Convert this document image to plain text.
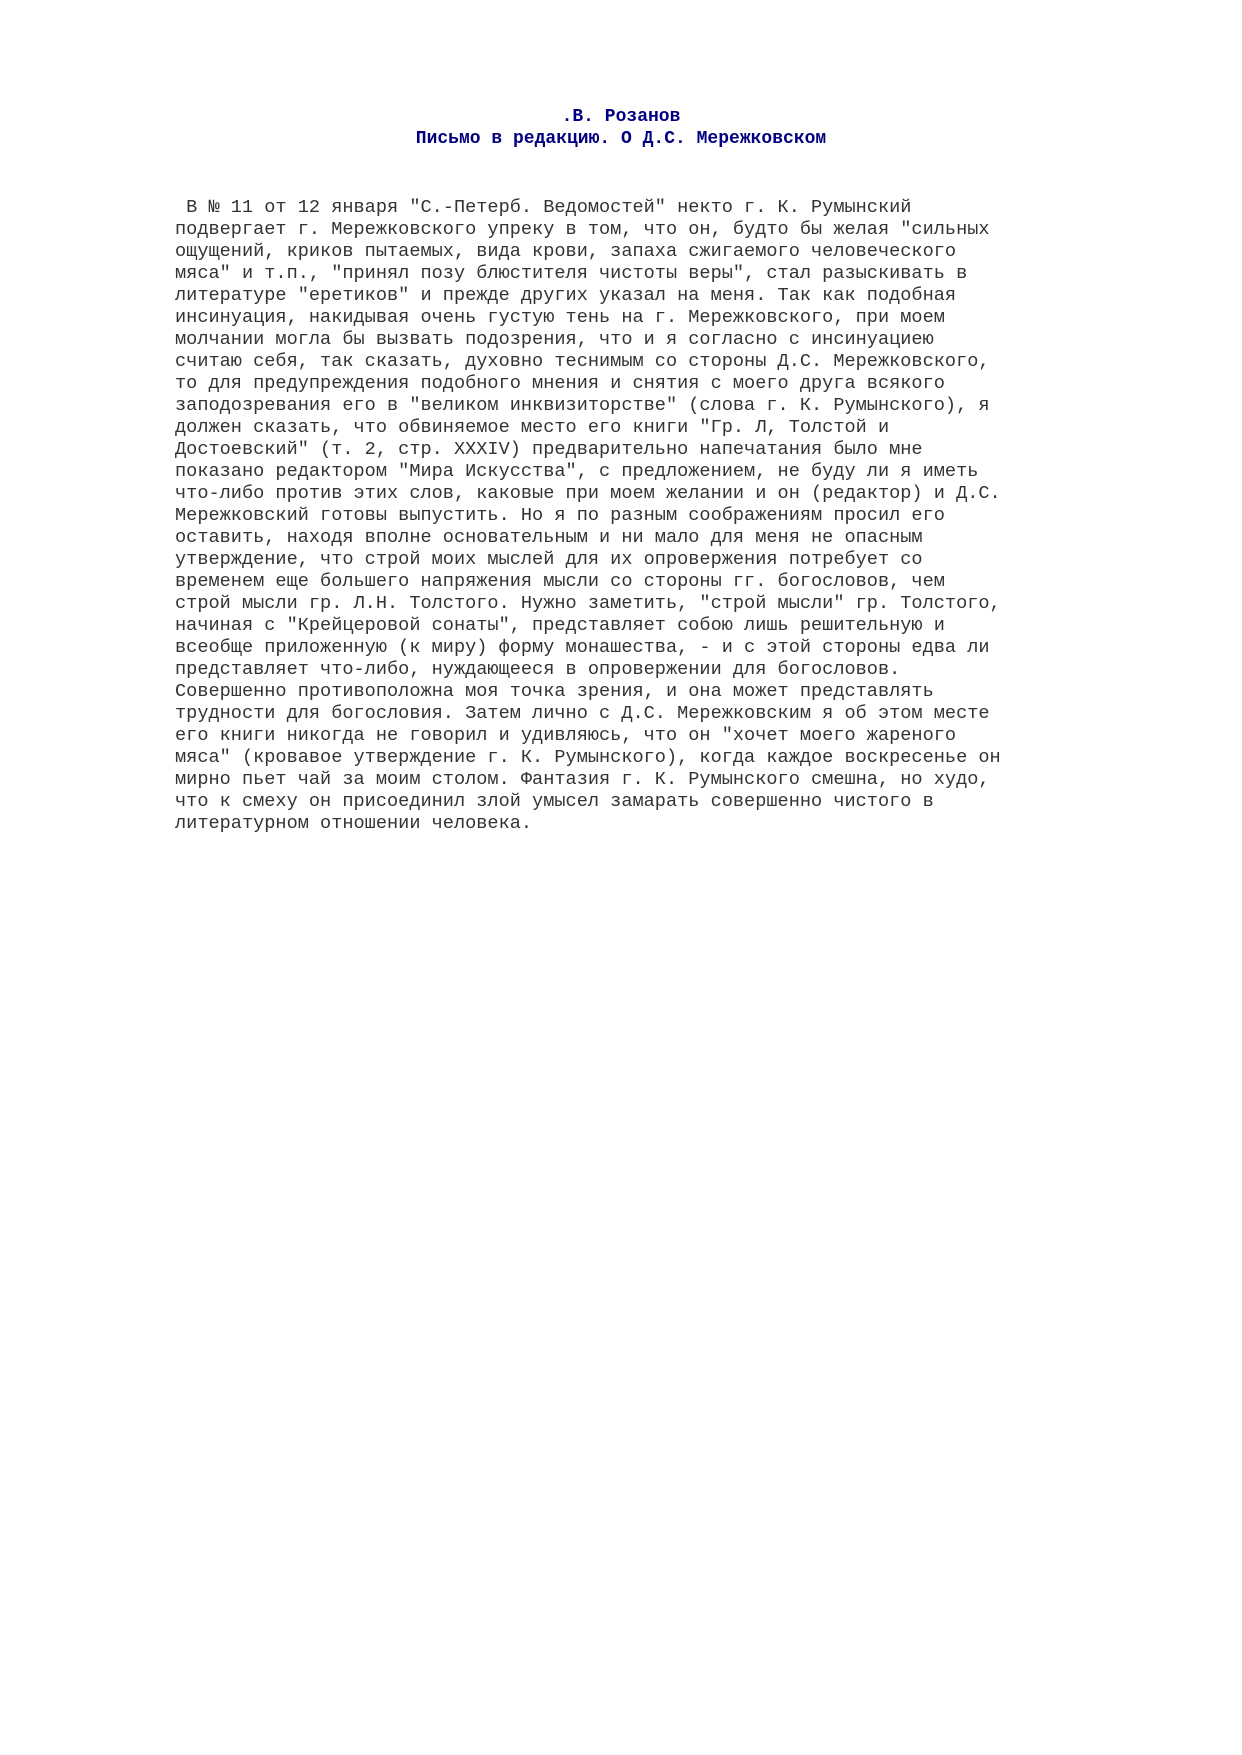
.В. Розанов
Письмо в редакцию. О Д.С. Мережковском
В № 11 от 12 января "С.-Петерб. Ведомостей" некто г. К. Румынский
подвергает г. Мережковского упреку в том, что он, будто бы желая "сильных
ощущений, криков пытаемых, вида крови, запаха сжигаемого человеческого
мяса" и т.п., "принял позу блюстителя чистоты веры", стал разыскивать в
литературе "еретиков" и прежде других указал на меня. Так как подобная
инсинуация, накидывая очень густую тень на г. Мережковского, при моем
молчании могла бы вызвать подозрения, что и я согласно с инсинуациею
считаю себя, так сказать, духовно теснимым со стороны Д.С. Мережковского,
то для предупреждения подобного мнения и снятия с моего друга всякого
заподозревания его в "великом инквизиторстве" (слова г. К. Румынского), я
должен сказать, что обвиняемое место его книги "Гр. Л, Толстой и
Достоевский" (т. 2, стр. XXXIV) предварительно напечатания было мне
показано редактором "Мира Искусства", с предложением, не буду ли я иметь
что-либо против этих слов, каковые при моем желании и он (редактор) и Д.С.
Мережковский готовы выпустить. Но я по разным соображениям просил его
оставить, находя вполне основательным и ни мало для меня не опасным
утверждение, что строй моих мыслей для их опровержения потребует со
временем еще большего напряжения мысли со стороны гг. богословов, чем
строй мысли гр. Л.Н. Толстого. Нужно заметить, "строй мысли" гр. Толстого,
начиная с "Крейцеровой сонаты", представляет собою лишь решительную и
всеобще приложенную (к миру) форму монашества, - и с этой стороны едва ли
представляет что-либо, нуждающееся в опровержении для богословов.
Совершенно противоположна моя точка зрения, и она может представлять
трудности для богословия. Затем лично с Д.С. Мережковским я об этом месте
его книги никогда не говорил и удивляюсь, что он "хочет моего жареного
мяса" (кровавое утверждение г. К. Румынского), когда каждое воскресенье он
мирно пьет чай за моим столом. Фантазия г. К. Румынского смешна, но худо,
что к смеху он присоединил злой умысел замарать совершенно чистого в
литературном отношении человека.
